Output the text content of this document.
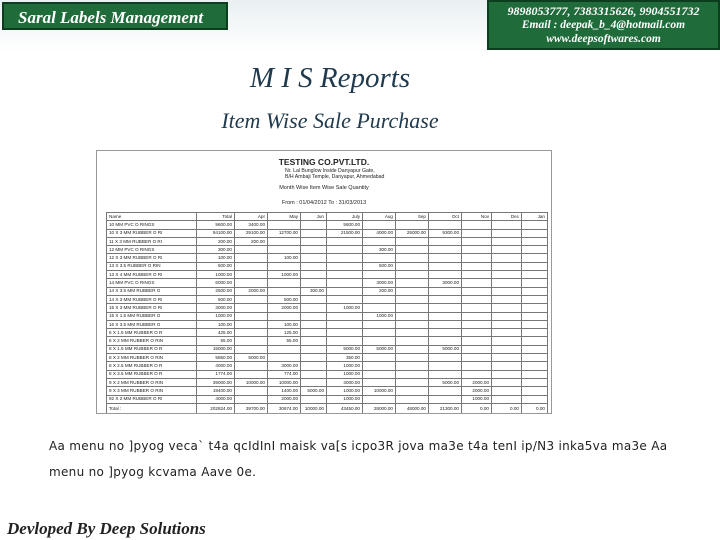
Saral Labels Management	9898053777, 7383315626, 9904551732
Email : deepak_b_4@hotmail.com
www.deepsoftwares.com
M I S Reports
Item Wise Sale Purchase
TESTING CO.PVT.LTD.
Nr. Lal Bunglow Inside Danyapur Gate,
B/H Ambaji Temple, Danyapur, Ahmedabad
Month Wise Item Wise Sale Quantity
From : 01/04/2012 To : 31/03/2013
Name	Total	Apr	May	Jun	July	Aug	Sep	Oct	Nov	Dec	Jan
10 MM PVC O RINGS	9600.00	3400.00			5600.00						
10 X 3 MM RUBBER O RI	94100.00	29100.00	12700.00		21500.00	4000.00	25000.00	9300.00			
11 X 3 MM RUBBER O RI	200.00	200.00									
12 MM PVC O RINGS	300.00					300.00					
12 X 3 MM RUBBER O RI	100.00		100.00								
13 X 3.5 RUBBER O RIN	500.00					500.00					
13 X 4 MM RUBBER O RI	1000.00		1000.00								
14 MM PVC O RINGS	6000.00					3000.00		3000.00			
14 X 3.5 MM RUBBER O	2500.00	2000.00		300.00		200.00					
14 X 3 MM RUBBER O RI	500.00		500.00								
15 X 3 MM RUBBER O RI	3000.00		2000.00		1000.00						
15 X 1.5 MM RUBBER O	1000.00					1000.00					
16 X 3.5 MM RUBBER O	100.00		100.00								
6 X 1.5 MM RUBBER O R	425.00		125.00								
6 X 2 MM RUBBER O RIN	55.00		55.00								
8 X 1.5 MM RUBBER O R	15000.00				5000.00	5000.00		5000.00			
8 X 2 MM RUBBER O RIN	5850.00	5000.00			350.00						
8 X 2.5 MM RUBBER O R	4000.00		3000.00		1000.00						
8 X 3.5 MM RUBBER O R	1774.00		774.00		1000.00						
9 X 2 MM RUBBER O RIN	39000.00	10000.00	10000.00		3000.00			5000.00	2000.00		
9 X 3 MM RUBBER O RIN	19400.00		1400.00	5000.00	1000.00	10000.00			2000.00		
92 X 2 MM RUBBER O RI	4000.00		2000.00		1000.00				1000.00		
Total :	202824.00	39700.00	30674.00	10000.00	43450.00	28000.00	48000.00	21300.00	0.00	0.00	0.00
Aa menu no ]pyog veca` t4a qcIdInI maisk va[s icpo3R jova ma3e t4a tenI ip/N3 inka5va ma3e Aa
menu no ]pyog kcvama Aave 0e.
Devloped By Deep Solutions
